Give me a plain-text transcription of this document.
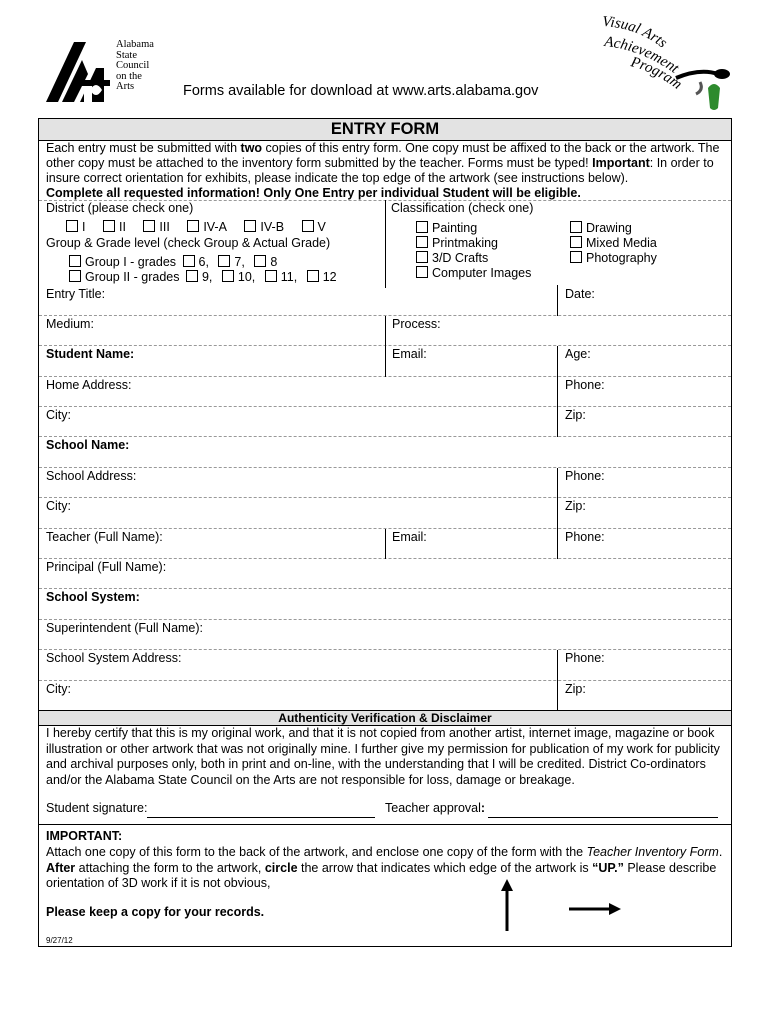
Alabama
State
Council
on the
Arts	Forms available for download at www.arts.alabama.gov
Visual Arts
Achievement
Program
ENTRY FORM
Each entry must be submitted with two copies of this entry form. One copy must be affixed to the back or the artwork. The other copy must be attached to the inventory form submitted by the teacher. Forms must be typed! Important: In order to insure correct orientation for exhibits, please indicate the top edge of the artwork (see instructions below).
Complete all requested information! Only One Entry per individual Student will be eligible.
District (please check one)	Classification (check one)
I	II	III	IV-A	IV-B	V
Group & Grade level (check Group & Actual Grade)
Group I - grades 6, 7, 8
Group II - grades 9, 10, 11, 12
Painting
Printmaking
3/D Crafts
Computer Images
Drawing
Mixed Media
Photography
Entry Title:	Date:
Medium:	Process:
Student Name:	Email:	Age:
Home Address:	Phone:
City:	Zip:
School Name:
School Address:	Phone:
City:	Zip:
Teacher (Full Name):	Email:	Phone:
Principal (Full Name):
School System:
Superintendent (Full Name):
School System Address:	Phone:
City:	Zip:
Authenticity Verification & Disclaimer
I hereby certify that this is my original work, and that it is not copied from another artist, internet image, magazine or book illustration or other artwork that was not originally mine. I further give my permission for publication of my work for publicity and archival purposes only, both in print and on-line, with the understanding that I will be credited. District Co-ordinators and/or the Alabama State Council on the Arts are not responsible for loss, damage or breakage.
Student signature:	Teacher approval:
IMPORTANT:
Attach one copy of this form to the back of the artwork, and enclose one copy of the form with the Teacher Inventory Form. After attaching the form to the artwork, circle the arrow that indicates which edge of the artwork is “UP.” Please describe orientation of 3D work if it is not obvious,
Please keep a copy for your records.
9/27/12
